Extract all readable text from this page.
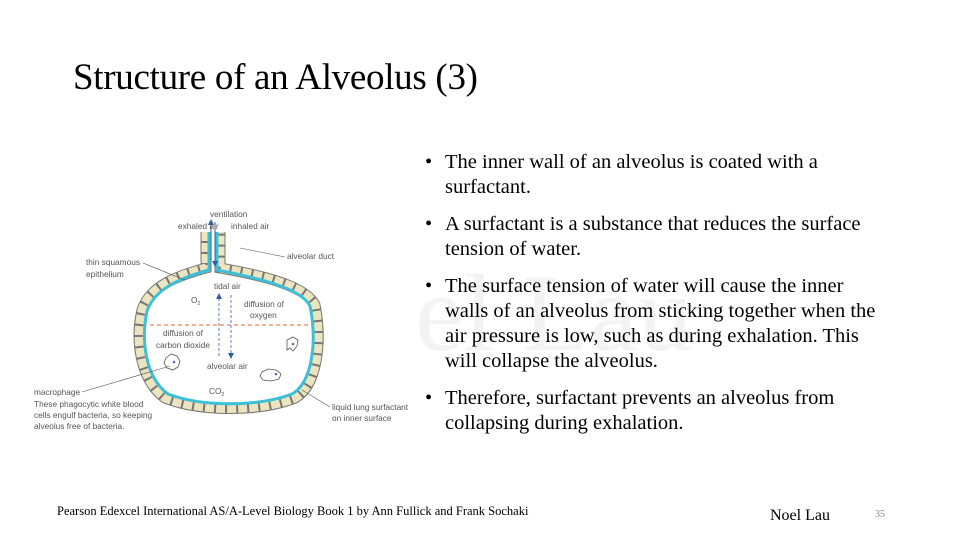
Structure of an Alveolus (3)
• The inner wall of an alveolus is coated with a surfactant.
• A surfactant is a substance that reduces the surface tension of water.
• The surface tension of water will cause the inner walls of an alveolus from sticking together when the air pressure is low, such as during exhalation. This will collapse the alveolus.
• Therefore, surfactant prevents an alveolus from collapsing during exhalation.
ventilation
exhaled air inhaled air
alveolar duct
thin squamous
epithelium
tidal air
$O_2$	diffusion of
oxygen
diffusion of
carbon dioxide
alveolar air
$CO_2$
macrophage
These phagocytic white blood
cells engulf bacteria, so keeping
alveolus free of bacteria.
liquid lung surfactant
on inner surface
Pearson Edexcel International AS/A-Level Biology Book 1 by Ann Fullick and Frank Sochaki	Noel Lau	35
